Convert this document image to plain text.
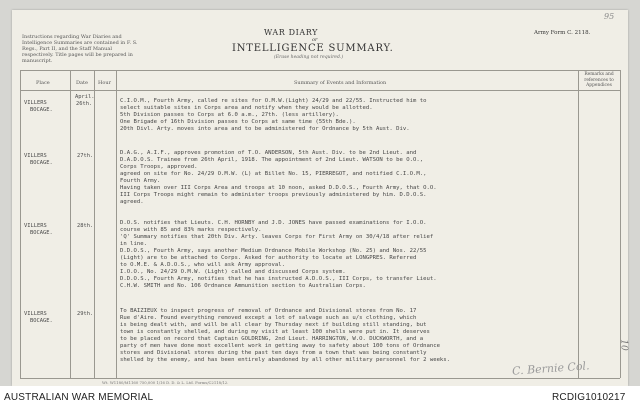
Instructions regarding War Diaries and Intelligence Summaries are contained in F. S. Regs., Part II, and the Staff Manual respectively. Title pages will be prepared in manuscript.
WAR DIARY
or
INTELLIGENCE SUMMARY.
(Erase heading not required.)
Army Form C. 2118.
95
Place	Date Hour	Summary of Events and Information
Remarks and references to Appendices
VILLERS
BOCAGE.
April.
26th.	C.I.O.M., Fourth Army, called re sites for O.M.W.(Light) 24/29 and 22/55. Instructed him to
select suitable sites in Corps area and notify when they would be allotted.
5th Division passes to Corps at 6.0 a.m., 27th. (less artillery).
One Brigade of 16th Division passes to Corps at same time (55th Bde.).
20th Divl. Arty. moves into area and to be administered for Ordnance by 5th Aust. Div.
VILLERS
BOCAGE.
27th.	D.A.G., A.I.F., approves promotion of T.O. ANDERSON, 5th Aust. Div. to be 2nd Lieut. and
D.A.D.O.S. Trainee from 26th April, 1918. The appointment of 2nd Lieut. WATSON to be O.O.,
Corps Troops, approved.
agreed on site for No. 24/29 O.M.W. (L) at Billet No. 15, PIERREGOT, and notified C.I.O.M.,
Fourth Army.
Having taken over III Corps Area and troops at 10 noon, asked D.D.O.S., Fourth Army, that O.O.
III Corps Troops might remain to administer troops previously administered by him. D.D.O.S.
agreed.
VILLERS
BOCAGE.
28th.	D.O.S. notifies that Lieuts. C.H. HORNBY and J.D. JONES have passed examinations for I.O.O.
course with 85 and 83% marks respectively.
'Q' Summary notifies that 20th Div. Arty. leaves Corps for First Army on 30/4/18 after relief
in line.
D.D.O.S., Fourth Army, says another Medium Ordnance Mobile Workshop (No. 25) and Nos. 22/55
(Light) are to be attached to Corps. Asked for authority to locate at LONGPRES. Referred
to O.M.E. & A.D.O.S., who will ask Army approval.
I.O.O., No. 24/29 O.M.W. (Light) called and discussed Corps system.
D.D.O.S., Fourth Army, notifies that he has instructed A.D.O.S., III Corps, to transfer Lieut.
C.H.W. SMITH and No. 106 Ordnance Ammunition section to Australian Corps.
VILLERS
BOCAGE.
29th.	To BAIZIEUX to inspect progress of removal of Ordnance and Divisional stores from No. 17
Rue d'Aire. Found everything removed except a lot of salvage such as u/s clothing, which
is being dealt with, and will be all clear by Thursday next if building still standing, but
town is constantly shelled, and during my visit at least 100 shells were put in. It deserves
to be placed on record that Captain GOLDRING, 2nd Lieut. HARRINGTON, W.O. DUCKWORTH, and a
party of men have done most excellent work in getting away to safety about 100 tons of Ordnance
stores and Divisional stores during the past ten days from a town that was being constantly
shelled by the enemy, and has been entirely abandoned by all other military personnel for 2 weeks.
Wt. W1180/M1160 750,000 1/16 D. D. & L. Ltd. Forms/C2118/12.
C. Bernie Col.
10
AUSTRALIAN WAR MEMORIAL	RCDIG1010217
